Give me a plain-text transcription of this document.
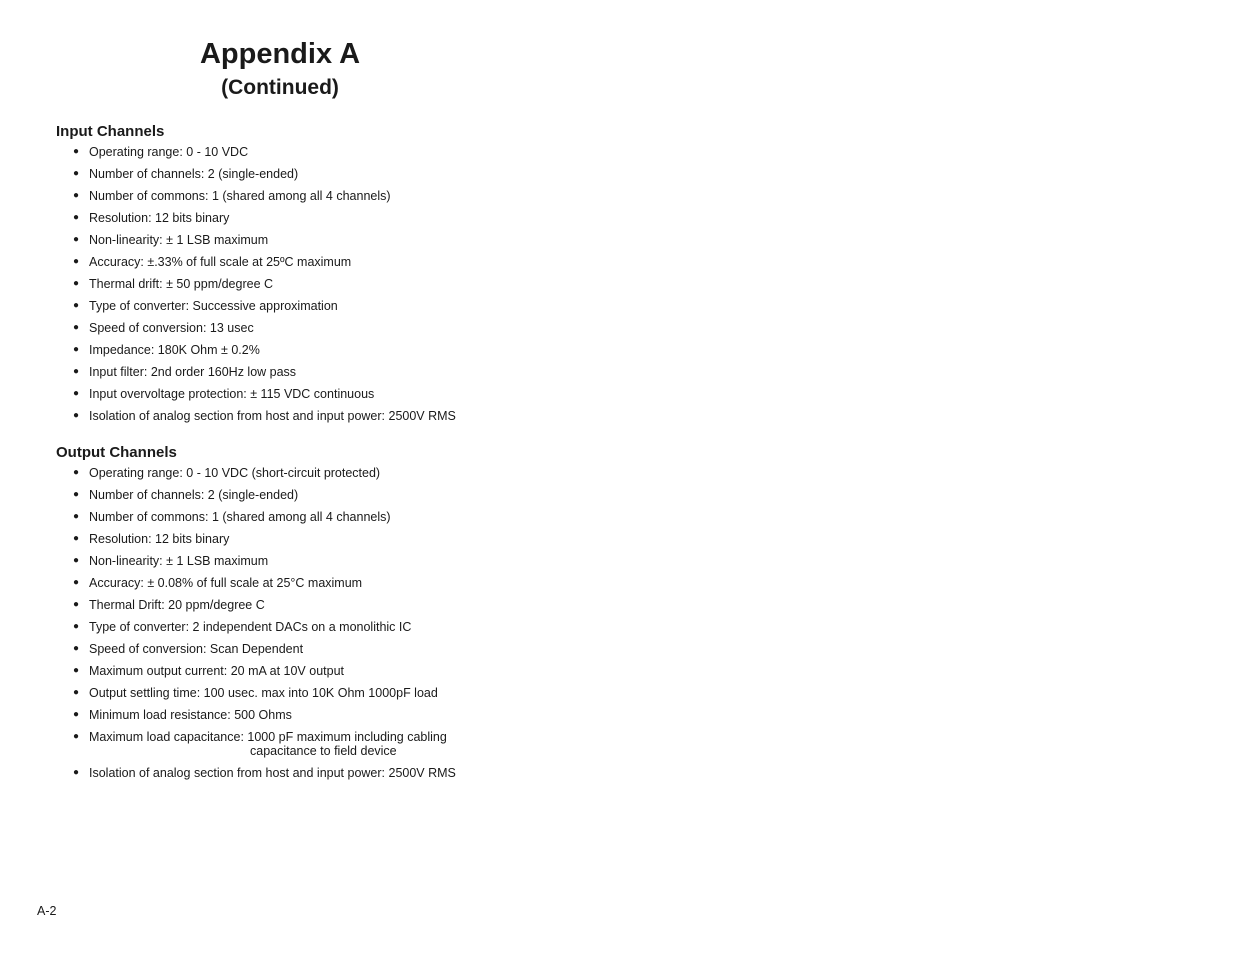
Appendix A
(Continued)
Input Channels
● Operating range: 0 - 10 VDC
● Number of channels: 2 (single-ended)
● Number of commons: 1 (shared among all 4 channels)
● Resolution: 12 bits binary
● Non-linearity: ± 1 LSB maximum
● Accuracy: ±.33% of full scale at 25ºC maximum
● Thermal drift: ± 50 ppm/degree C
● Type of converter: Successive approximation
● Speed of conversion: 13 usec
● Impedance: 180K Ohm ± 0.2%
● Input filter: 2nd order 160Hz low pass
● Input overvoltage protection: ± 115 VDC continuous
● Isolation of analog section from host and input power: 2500V RMS
Output Channels
● Operating range: 0 - 10 VDC (short-circuit protected)
● Number of channels: 2 (single-ended)
● Number of commons: 1 (shared among all 4 channels)
● Resolution: 12 bits binary
● Non-linearity: ± 1 LSB maximum
● Accuracy: ± 0.08% of full scale at 25°C maximum
● Thermal Drift: 20 ppm/degree C
● Type of converter: 2 independent DACs on a monolithic IC
● Speed of conversion: Scan Dependent
● Maximum output current: 20 mA at 10V output
● Output settling time: 100 usec. max into 10K Ohm 1000pF load
● Minimum load resistance: 500 Ohms
● Maximum load capacitance: 1000 pF maximum including cabling
capacitance to field device
● Isolation of analog section from host and input power: 2500V RMS
A-2
